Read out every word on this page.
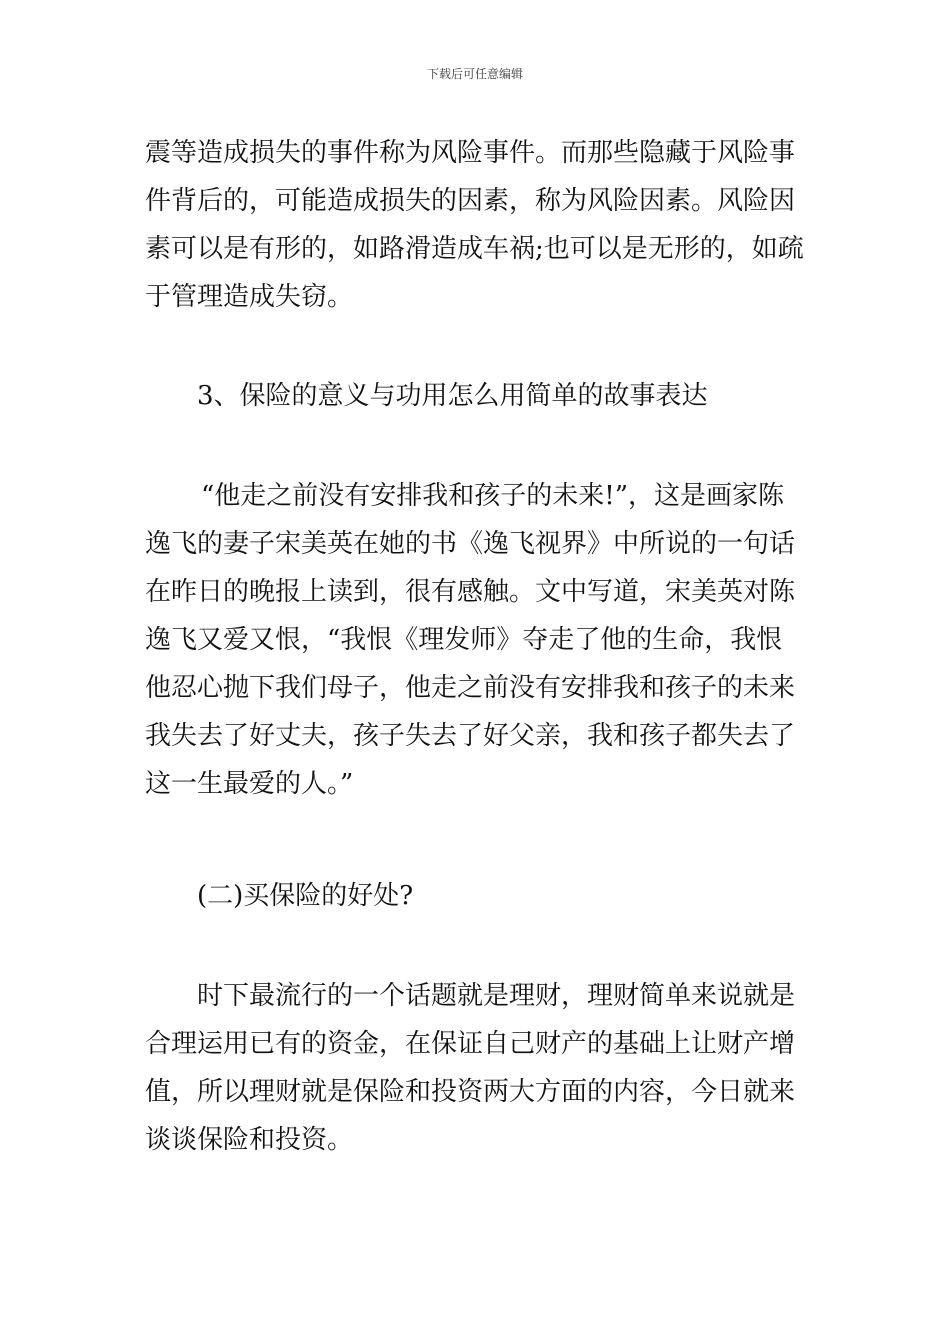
下载后可任意编辑
震等造成损失的事件称为风险事件。而那些隐藏于风险事
件背后的，可能造成损失的因素，称为风险因素。风险因
素可以是有形的，如路滑造成车祸;也可以是无形的，如疏
于管理造成失窃。
3、保险的意义与功用怎么用简单的故事表达
“他走之前没有安排我和孩子的未来!”，这是画家陈
逸飞的妻子宋美英在她的书《逸飞视界》中所说的一句话
在昨日的晚报上读到，很有感触。文中写道，宋美英对陈
逸飞又爱又恨，“我恨《理发师》夺走了他的生命，我恨
他忍心抛下我们母子，他走之前没有安排我和孩子的未来
我失去了好丈夫，孩子失去了好父亲，我和孩子都失去了
这一生最爱的人。”
(二)买保险的好处?
时下最流行的一个话题就是理财，理财简单来说就是
合理运用已有的资金，在保证自己财产的基础上让财产增
值，所以理财就是保险和投资两大方面的内容，今日就来
谈谈保险和投资。
